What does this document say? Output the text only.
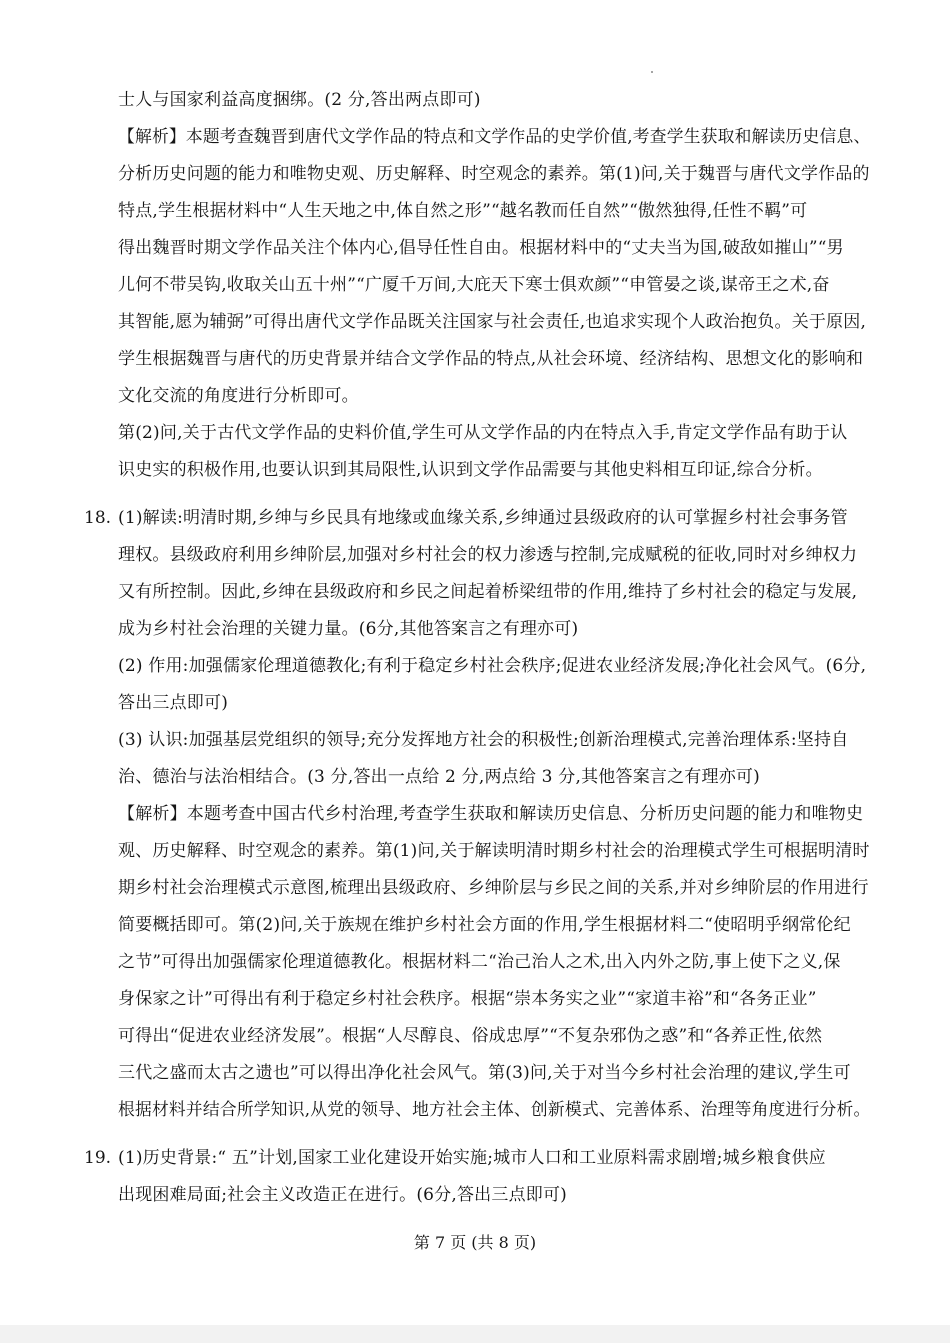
士人与国家利益高度捆绑。(2 分,答出两点即可)
【解析】本题考查魏晋到唐代文学作品的特点和文学作品的史学价值,考查学生获取和解读历史信息、
分析历史问题的能力和唯物史观、历史解释、时空观念的素养。第(1)问,关于魏晋与唐代文学作品的
特点,学生根据材料中“人生天地之中,体自然之形”“越名教而任自然”“傲然独得,任性不羁”可
得出魏晋时期文学作品关注个体内心,倡导任性自由。根据材料中的“丈夫当为国,破敌如摧山”“男
儿何不带吴钩,收取关山五十州”“广厦千万间,大庇天下寒士俱欢颜”“申管晏之谈,谋帝王之术,奋
其智能,愿为辅弼”可得出唐代文学作品既关注国家与社会责任,也追求实现个人政治抱负。关于原因,
学生根据魏晋与唐代的历史背景并结合文学作品的特点,从社会环境、经济结构、思想文化的影响和
文化交流的角度进行分析即可。
第(2)问,关于古代文学作品的史料价值,学生可从文学作品的内在特点入手,肯定文学作品有助于认
识史实的积极作用,也要认识到其局限性,认识到文学作品需要与其他史料相互印证,综合分析。
18. (1)解读:明清时期,乡绅与乡民具有地缘或血缘关系,乡绅通过县级政府的认可掌握乡村社会事务管
理权。县级政府利用乡绅阶层,加强对乡村社会的权力渗透与控制,完成赋税的征收,同时对乡绅权力
又有所控制。因此,乡绅在县级政府和乡民之间起着桥梁纽带的作用,维持了乡村社会的稳定与发展,
成为乡村社会治理的关键力量。(6分,其他答案言之有理亦可)
(2) 作用:加强儒家伦理道德教化;有利于稳定乡村社会秩序;促进农业经济发展;净化社会风气。(6分,
答出三点即可)
(3) 认识:加强基层党组织的领导;充分发挥地方社会的积极性;创新治理模式,完善治理体系:坚持自
治、德治与法治相结合。(3 分,答出一点给 2 分,两点给 3 分,其他答案言之有理亦可)
【解析】本题考查中国古代乡村治理,考查学生获取和解读历史信息、分析历史问题的能力和唯物史
观、历史解释、时空观念的素养。第(1)问,关于解读明清时期乡村社会的治理模式学生可根据明清时
期乡村社会治理模式示意图,梳理出县级政府、乡绅阶层与乡民之间的关系,并对乡绅阶层的作用进行
简要概括即可。第(2)问,关于族规在维护乡村社会方面的作用,学生根据材料二“使昭明乎纲常伦纪
之节”可得出加强儒家伦理道德教化。根据材料二“治己治人之术,出入内外之防,事上使下之义,保
身保家之计”可得出有利于稳定乡村社会秩序。根据“崇本务实之业”“家道丰裕”和“各务正业”
可得出“促进农业经济发展”。根据“人尽醇良、俗成忠厚”“不复杂邪伪之惑”和“各养正性,依然
三代之盛而太古之遗也”可以得出净化社会风气。第(3)问,关于对当今乡村社会治理的建议,学生可
根据材料并结合所学知识,从党的领导、地方社会主体、创新模式、完善体系、治理等角度进行分析。
19. (1)历史背景:“ 五”计划,国家工业化建设开始实施;城市人口和工业原料需求剧增;城乡粮食供应
出现困难局面;社会主义改造正在进行。(6分,答出三点即可)
第 7 页 (共 8 页)
